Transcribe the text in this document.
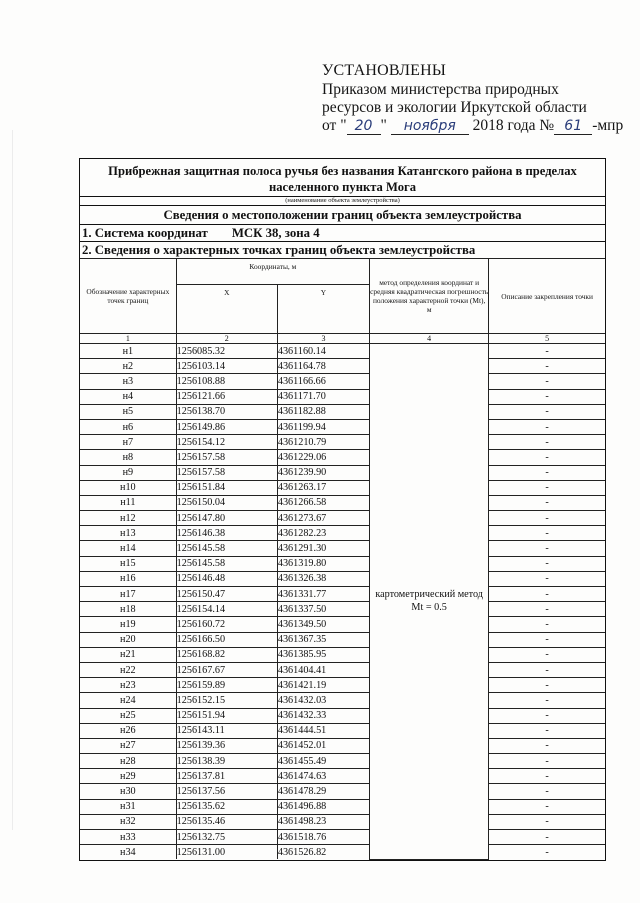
УСТАНОВЛЕНЫ
Приказом министерства природных
ресурсов и экологии Иркутской области
от " 20 " ноября 2018 года № 61 -мпр
Прибрежная защитная полоса ручья без названия Катангского района в пределах населенного пункта Мога
(наименование объекта землеустройства)
Сведения о местоположении границ объекта землеустройства
1. Система координат МСК 38, зона 4
2. Сведения о характерных точках границ объекта землеустройства
Обозначение характерных точек границ	Координаты, м		метод определения координат и средняя квадратическая погрешность положения характерной точки (Mt), м	Описание закрепления точки
	X	Y		
1	2	3	4	5
н1	1256085.32	4361160.14	картометрический метод Mt = 0.5	-
н2	1256103.14	4361164.78		-
н3	1256108.88	4361166.66		-
н4	1256121.66	4361171.70		-
н5	1256138.70	4361182.88		-
н6	1256149.86	4361199.94		-
н7	1256154.12	4361210.79		-
н8	1256157.58	4361229.06		-
н9	1256157.58	4361239.90		-
н10	1256151.84	4361263.17		-
н11	1256150.04	4361266.58		-
н12	1256147.80	4361273.67		-
н13	1256146.38	4361282.23		-
н14	1256145.58	4361291.30		-
н15	1256145.58	4361319.80		-
н16	1256146.48	4361326.38		-
н17	1256150.47	4361331.77		-
н18	1256154.14	4361337.50		-
н19	1256160.72	4361349.50		-
н20	1256166.50	4361367.35		-
н21	1256168.82	4361385.95		-
н22	1256167.67	4361404.41		-
н23	1256159.89	4361421.19		-
н24	1256152.15	4361432.03		-
н25	1256151.94	4361432.33		-
н26	1256143.11	4361444.51		-
н27	1256139.36	4361452.01		-
н28	1256138.39	4361455.49		-
н29	1256137.81	4361474.63		-
н30	1256137.56	4361478.29		-
н31	1256135.62	4361496.88		-
н32	1256135.46	4361498.23		-
н33	1256132.75	4361518.76		-
н34	1256131.00	4361526.82		-
